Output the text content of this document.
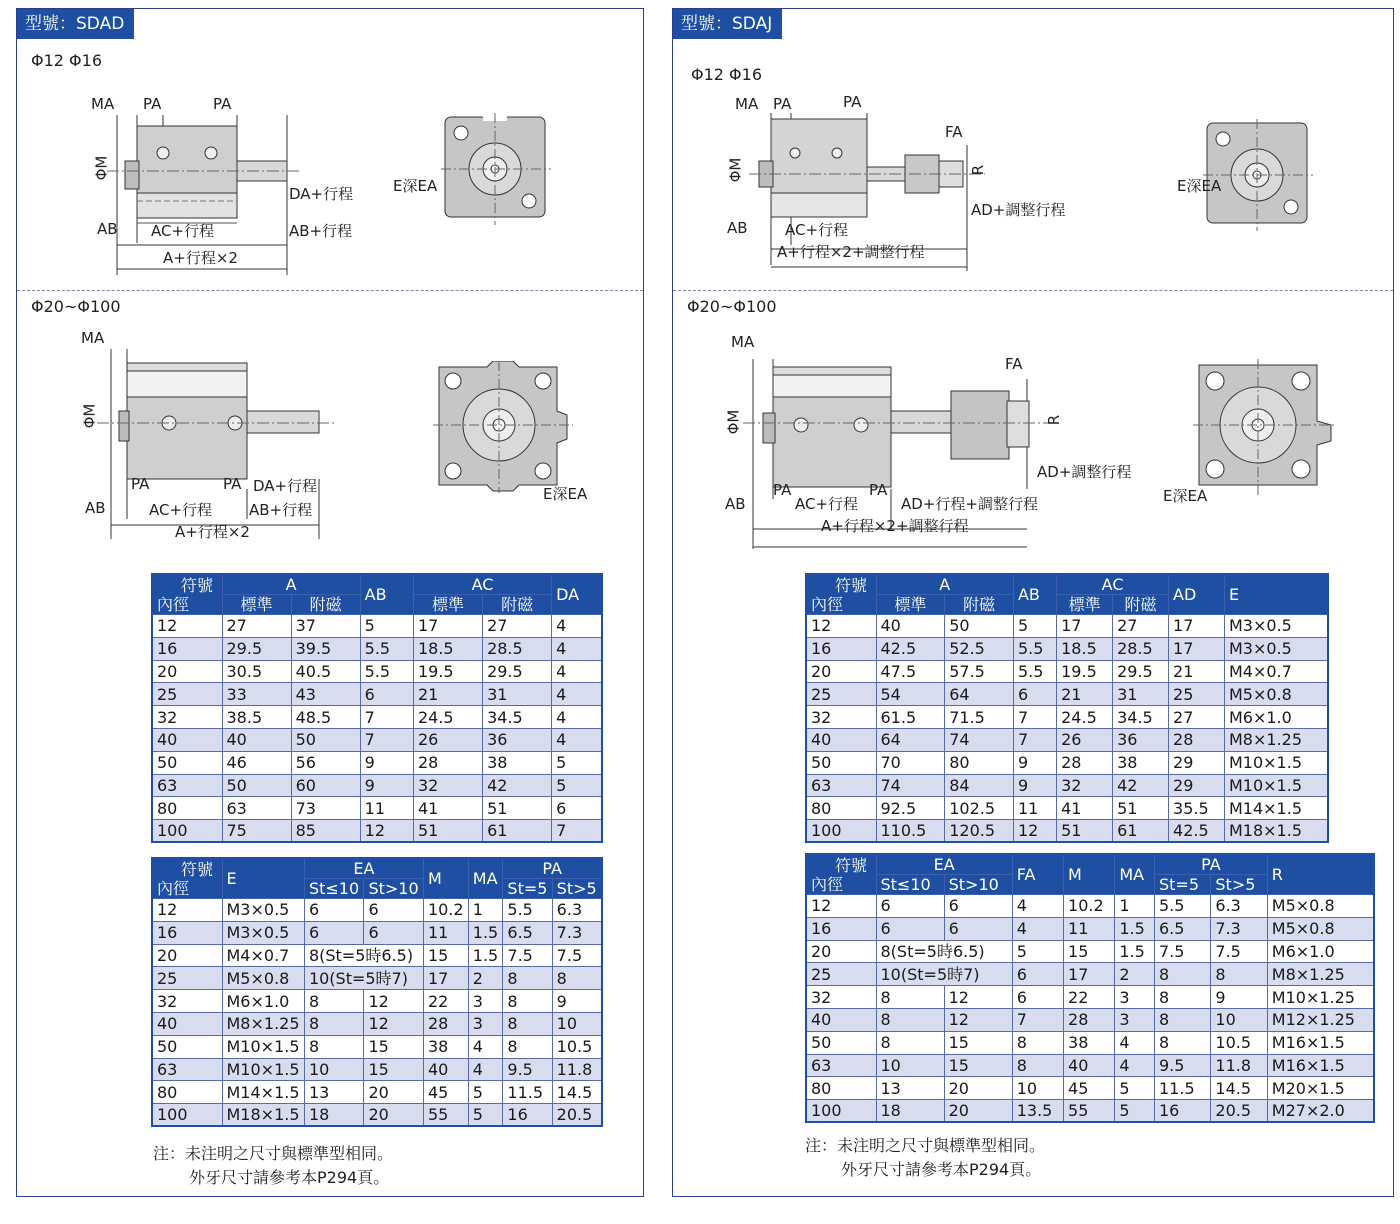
型號：SDAD
Φ12 Φ16
MA PA	PA
ΦM
DA+行程
AB AC+行程	AB+行程
A+行程×2
E深EA
Φ20~Φ100
MA
ΦM
PA	PA DA+行程
AB	AC+行程 AB+行程
A+行程×2
E深EA
符號
內徑	A		AB	AC		DA
	標準	附磁		標準	附磁	
12	27	37	5	17	27	4
16	29.5	39.5	5.5	18.5	28.5	4
20	30.5	40.5	5.5	19.5	29.5	4
25	33	43	6	21	31	4
32	38.5	48.5	7	24.5	34.5	4
40	40	50	7	26	36	4
50	46	56	9	28	38	5
63	50	60	9	32	42	5
80	63	73	11	41	51	6
100	75	85	12	51	61	7
符號
內徑	E	EA		M	MA	PA	
		St≤10	St>10			St=5	St>5
12	M3×0.5	6	6	10.2	1	5.5	6.3
16	M3×0.5	6	6	11	1.5	6.5	7.3
20	M4×0.7	8(St=5時6.5)		15	1.5	7.5	7.5
25	M5×0.8	10(St=5時7)		17	2	8	8
32	M6×1.0	8	12	22	3	8	9
40	M8×1.25	8	12	28	3	8	10
50	M10×1.5	8	15	38	4	8	10.5
63	M10×1.5	10	15	40	4	9.5	11.8
80	M14×1.5	13	20	45	5	11.5	14.5
100	M18×1.5	18	20	55	5	16	20.5
注：未注明之尺寸與標準型相同。
外牙尺寸請參考本P294頁。
型號：SDAJ
Φ12 Φ16
MA PA	PA
FA
ΦM	R
AD+調整行程
AB AC+行程
A+行程×2+調整行程
E深EA
Φ20~Φ100
MA
FA
ΦM	R
AD+調整行程
PA	PA
AB	AC+行程	AD+行程+調整行程
A+行程×2+調整行程
E深EA
符號
內徑	A		AB	AC		AD	E
	標準	附磁		標準	附磁		
12	40	50	5	17	27	17	M3×0.5
16	42.5	52.5	5.5	18.5	28.5	17	M3×0.5
20	47.5	57.5	5.5	19.5	29.5	21	M4×0.7
25	54	64	6	21	31	25	M5×0.8
32	61.5	71.5	7	24.5	34.5	27	M6×1.0
40	64	74	7	26	36	28	M8×1.25
50	70	80	9	28	38	29	M10×1.5
63	74	84	9	32	42	29	M10×1.5
80	92.5	102.5	11	41	51	35.5	M14×1.5
100	110.5	120.5	12	51	61	42.5	M18×1.5
符號
內徑	EA		FA	M	MA	PA		R
	St≤10	St>10				St=5	St>5	
12	6	6	4	10.2	1	5.5	6.3	M5×0.8
16	6	6	4	11	1.5	6.5	7.3	M5×0.8
20	8(St=5時6.5)		5	15	1.5	7.5	7.5	M6×1.0
25	10(St=5時7)		6	17	2	8	8	M8×1.25
32	8	12	6	22	3	8	9	M10×1.25
40	8	12	7	28	3	8	10	M12×1.25
50	8	15	8	38	4	8	10.5	M16×1.5
63	10	15	8	40	4	9.5	11.8	M16×1.5
80	13	20	10	45	5	11.5	14.5	M20×1.5
100	18	20	13.5	55	5	16	20.5	M27×2.0
注：未注明之尺寸與標準型相同。
外牙尺寸請參考本P294頁。
